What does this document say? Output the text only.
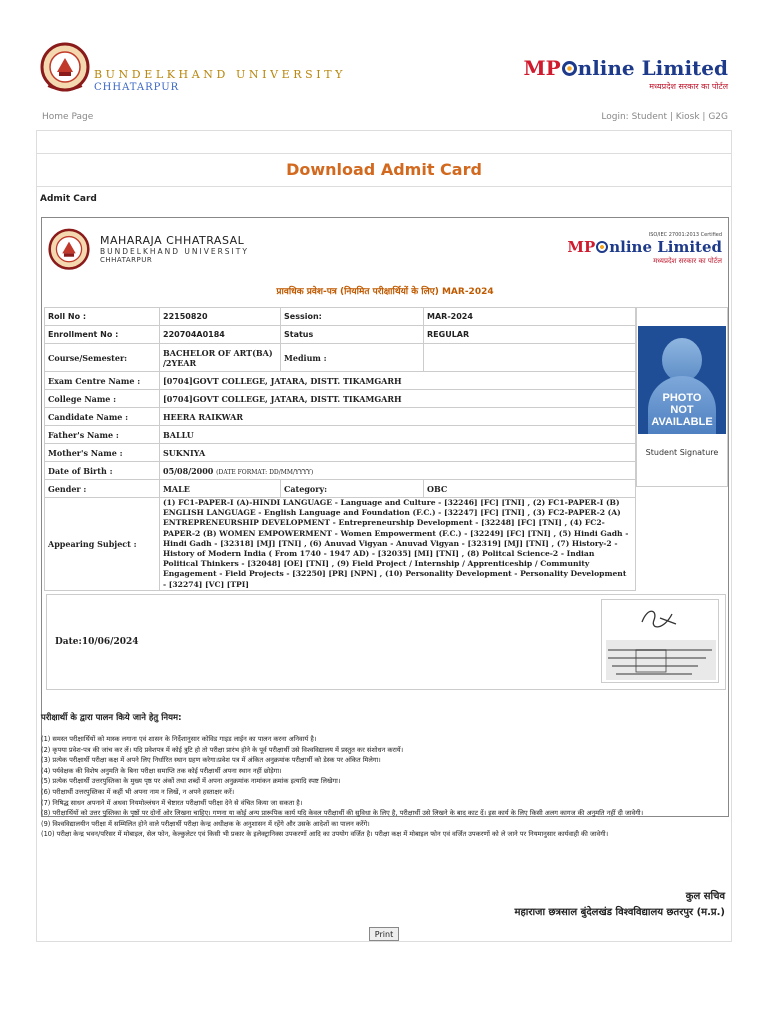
BUNDELKHAND UNIVERSITY
CHHATARPUR
MP nline Limited
मध्यप्रदेश सरकार का पोर्टल
Home Page	Login: Student | Kiosk | G2G
Download Admit Card
Admit Card
MAHARAJA CHHATRASAL
BUNDELKHAND UNIVERSITY
CHHATARPUR
ISO/IEC 27001:2013 Certified
MP nline Limited
मध्यप्रदेश सरकार का पोर्टल
प्रावधिक प्रवेश-पत्र (नियमित परीक्षार्थियों के लिए) MAR-2024
Roll No :	22150820	Session:	MAR-2024
Enrollment No :	220704A0184	Status	REGULAR
Course/Semester:	BACHELOR OF ART(BA) /2YEAR	Medium :	
Exam Centre Name :	[0704]GOVT COLLEGE, JATARA, DISTT. TIKAMGARH		
College Name :	[0704]GOVT COLLEGE, JATARA, DISTT. TIKAMGARH		
Candidate Name :	HEERA RAIKWAR		
Father's Name :	BALLU		
Mother's Name :	SUKNIYA		
Date of Birth :	05/08/2000 (DATE FORMAT: DD/MM/YYYY)		
Gender :	MALE	Category:	OBC
Appearing Subject :	(1) FC1-PAPER-I (A)-HINDI LANGUAGE - Language and Culture - [32246] [FC] [TNI] , (2) FC1-PAPER-I (B) ENGLISH LANGUAGE - English Language and Foundation (F.C.) - [32247] [FC] [TNI] , (3) FC2-PAPER-2 (A) ENTREPRENEURSHIP DEVELOPMENT - Entrepreneurship Development - [32248] [FC] [TNI] , (4) FC2-PAPER-2 (B) WOMEN EMPOWERMENT - Women Empowerment (F.C.) - [32249] [FC] [TNI] , (5) Hindi Gadh - Hindi Gadh - [32318] [MJ] [TNI] , (6) Anuvad Vigyan - Anuvad Vigyan - [32319] [MJ] [TNI] , (7) History-2 - History of Modern India ( From 1740 - 1947 AD) - [32035] [MI] [TNI] , (8) Politcal Science-2 - Indian Political Thinkers - [32048] [OE] [TNI] , (9) Field Project / Internship / Apprenticeship / Community Engagement - Field Projects - [32250] [PR] [NPN] , (10) Personality Development - Personality Development - [32274] [VC] [TPI]		
PHOTO
NOT
AVAILABLE
Student Signature
Date:10/06/2024
परीक्षार्थी के द्वारा पालन किये जाने हेतु नियम:
(1) समस्त परीक्षार्थियों को मास्क लगाना एवं शासन के निर्देशानुसार कोविड गाइड लाईन का पालन करना अनिवार्य है।
(2) कृपया प्रवेश-पत्र की जांच कर लें। यदि प्रवेशपत्र में कोई त्रुटि हो तो परीक्षा प्रारंभ होने के पूर्व परीक्षार्थी उसे विश्वविद्यालय में प्रस्तुत कर संशोधन करायें।
(3) प्रत्येक परीक्षार्थी परीक्षा कक्ष में अपने लिए निर्धारित स्थान ग्रहण करेगा।प्रवेश पत्र में अंकित अनुक्रमांक परीक्षार्थी को डेस्क पर अंकित मिलेगा।
(4) पर्यवेक्षक की विशेष अनुमति के बिना परीक्षा समाप्ति तक कोई परीक्षार्थी अपना स्थान नहीं छोड़ेगा।
(5) प्रत्येक परीक्षार्थी उत्तरपुस्तिका के मुख्य पृष्ठ पर अंकों तथा शब्दों में अपना अनुक्रमांक नामांकन क्रमांक इत्यादि स्पष्ट लिखेगा।
(6) परीक्षार्थी उत्तरपुस्तिका में कहीं भी अपना नाम न लिखें, न अपने हस्ताक्षर करें।
(7) निषिद्ध साधन अपनाने में अथवा नियमोल्लंघन में चेष्टारत परीक्षार्थी परीक्षा देने से वंचित किया जा सकता है।
(8) परीक्षार्थियों को उत्तर पुस्तिका के पृष्ठों पर दोनों ओर लिखना चाहिए। गणना या कोई अन्य प्रारूपिक कार्य यदि केवल परीक्षार्थी की सुविधा के लिए है, परीक्षार्थी उसे लिखने के बाद काट दें। इस कार्य के लिए किसी अलग कागज की अनुमति नहीं दी जावेगी।
(9) विश्वविद्यालयीन परीक्षा में सम्मिलित होने वाले परीक्षार्थी परीक्षा केन्द्र अधीक्षक के अनुशासन में रहेंगे और उसके आदेशों का पालन करेंगे।
(10) परीक्षा केन्द्र भवन/परिसर में मोबाइल, सेल फोन, केल्कुलेटर एवं किसी भी प्रकार के इलेक्ट्रानिक्स उपकरणों आदि का उपयोग वर्जित है। परीक्षा कक्ष में मोबाइल फोन एवं वर्जित उपकरणों को ले जाने पर नियमानुसार कार्यवाही की जावेगी।
कुल सचिव
महाराजा छत्रसाल बुंदेलखंड विश्वविद्यालय छतरपुर (म.प्र.)
Print
